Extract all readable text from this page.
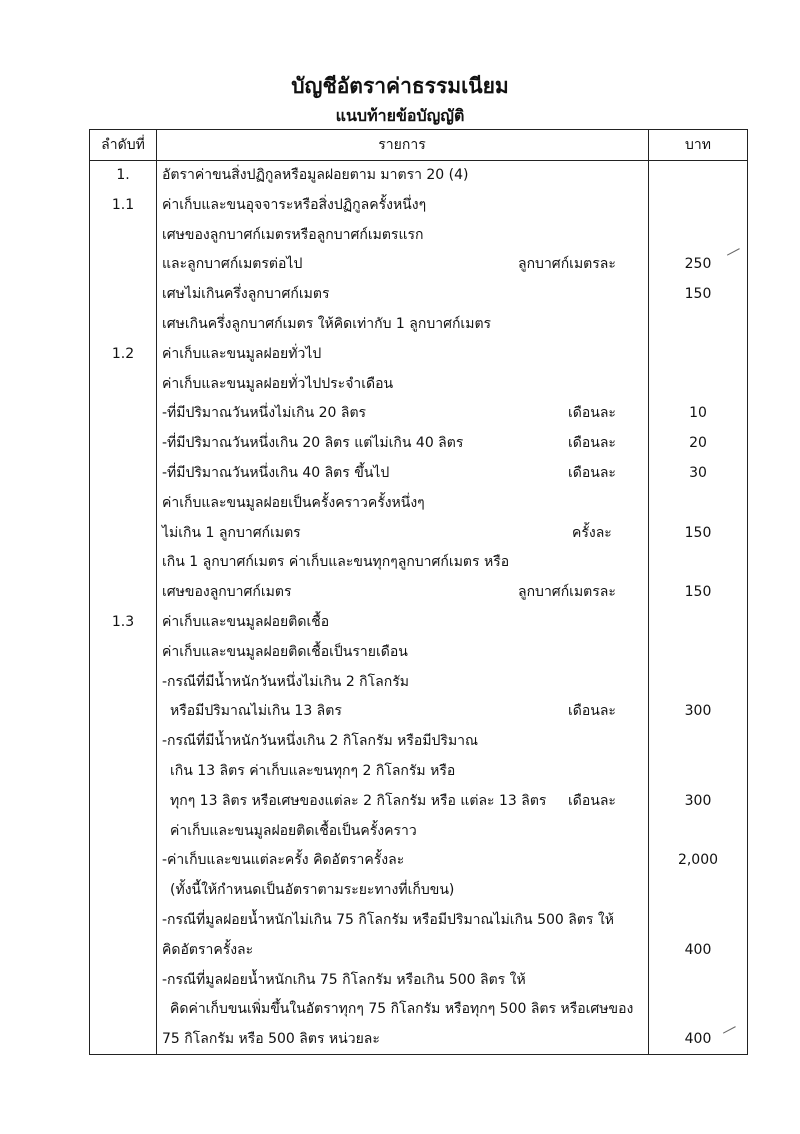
บัญชีอัตราค่าธรรมเนียม
แนบท้ายข้อบัญญัติ
ลำดับที่	รายการ	บาท
1.	อัตราค่าขนสิ่งปฏิกูลหรือมูลฝอยตาม มาตรา 20 (4)
1.1	ค่าเก็บและขนอุจจาระหรือสิ่งปฏิกูลครั้งหนึ่งๆ
เศษของลูกบาศก์เมตรหรือลูกบาศก์เมตรแรก
และลูกบาศก์เมตรต่อไป	ลูกบาศก์เมตรละ	250
เศษไม่เกินครึ่งลูกบาศก์เมตร	150
เศษเกินครึ่งลูกบาศก์เมตร ให้คิดเท่ากับ 1 ลูกบาศก์เมตร
1.2	ค่าเก็บและขนมูลฝอยทั่วไป
ค่าเก็บและขนมูลฝอยทั่วไปประจำเดือน
-ที่มีปริมาณวันหนึ่งไม่เกิน 20 ลิตร	เดือนละ	10
-ที่มีปริมาณวันหนึ่งเกิน 20 ลิตร แต่ไม่เกิน 40 ลิตร	เดือนละ	20
-ที่มีปริมาณวันหนึ่งเกิน 40 ลิตร ขึ้นไป	เดือนละ	30
ค่าเก็บและขนมูลฝอยเป็นครั้งคราวครั้งหนึ่งๆ
ไม่เกิน 1 ลูกบาศก์เมตร	ครั้งละ	150
เกิน 1 ลูกบาศก์เมตร ค่าเก็บและขนทุกๆลูกบาศก์เมตร หรือ
เศษของลูกบาศก์เมตร	ลูกบาศก์เมตรละ	150
1.3	ค่าเก็บและขนมูลฝอยติดเชื้อ
ค่าเก็บและขนมูลฝอยติดเชื้อเป็นรายเดือน
-กรณีที่มีน้ำหนักวันหนึ่งไม่เกิน 2 กิโลกรัม
หรือมีปริมาณไม่เกิน 13 ลิตร	เดือนละ	300
-กรณีที่มีน้ำหนักวันหนึ่งเกิน 2 กิโลกรัม หรือมีปริมาณ
เกิน 13 ลิตร ค่าเก็บและขนทุกๆ 2 กิโลกรัม หรือ
ทุกๆ 13 ลิตร หรือเศษของแต่ละ 2 กิโลกรัม หรือ แต่ละ 13 ลิตร เดือนละ	300
ค่าเก็บและขนมูลฝอยติดเชื้อเป็นครั้งคราว
-ค่าเก็บและขนแต่ละครั้ง คิดอัตราครั้งละ	2,000
(ทั้งนี้ให้กำหนดเป็นอัตราตามระยะทางที่เก็บขน)
-กรณีที่มูลฝอยน้ำหนักไม่เกิน 75 กิโลกรัม หรือมีปริมาณไม่เกิน 500 ลิตร ให้
คิดอัตราครั้งละ	400
-กรณีที่มูลฝอยน้ำหนักเกิน 75 กิโลกรัม หรือเกิน 500 ลิตร ให้
คิดค่าเก็บขนเพิ่มขึ้นในอัตราทุกๆ 75 กิโลกรัม หรือทุกๆ 500 ลิตร หรือเศษของ
75 กิโลกรัม หรือ 500 ลิตร หน่วยละ	400
